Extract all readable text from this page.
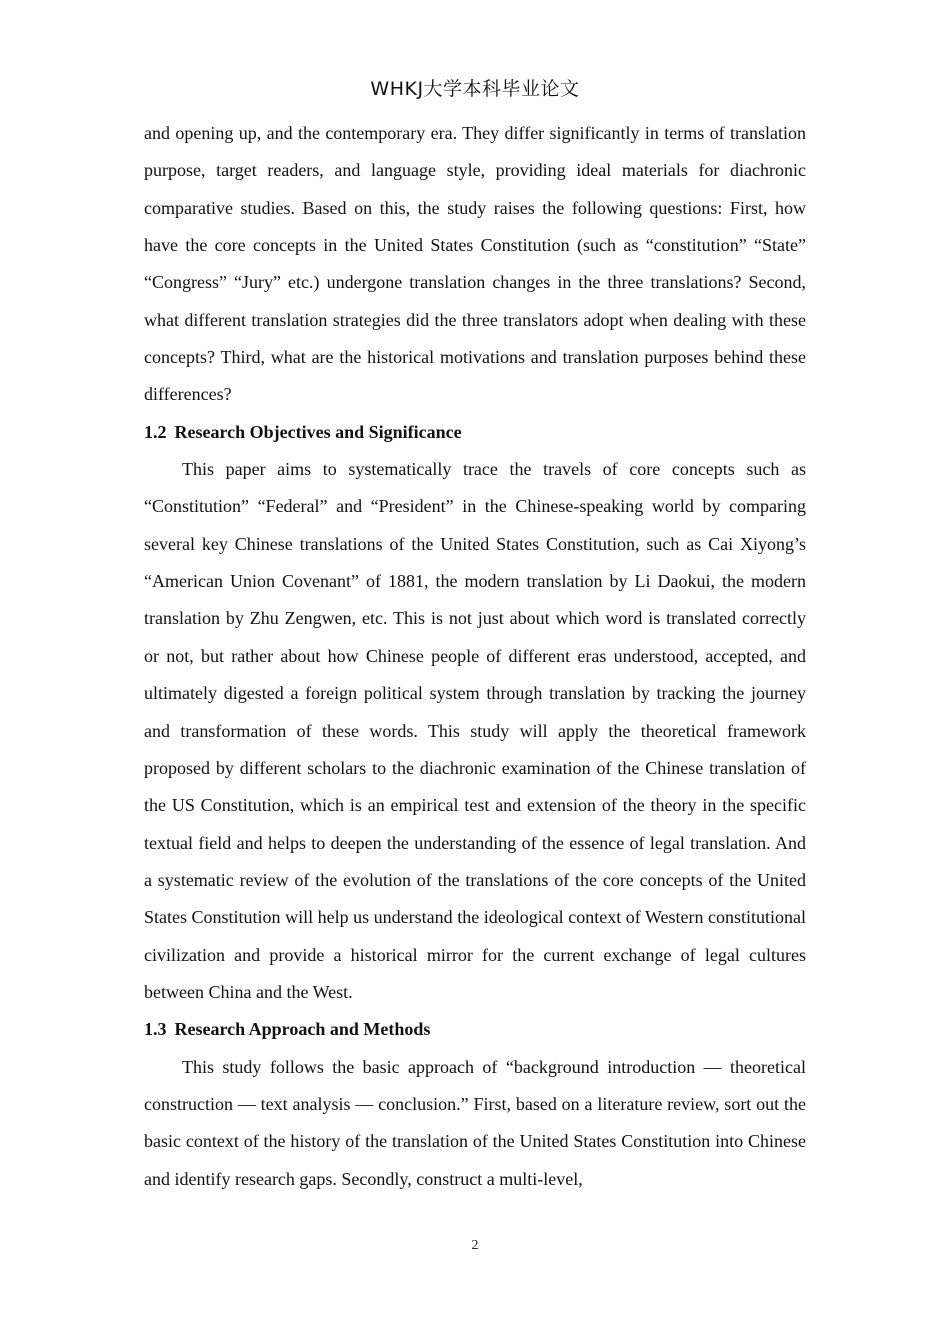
WHKJ大学本科毕业论文

and opening up, and the contemporary era. They differ significantly in terms of translation purpose, target readers, and language style, providing ideal materials for diachronic comparative studies. Based on this, the study raises the following questions: First, how have the core concepts in the United States Constitution (such as “constitution” “State” “Congress” “Jury” etc.) undergone translation changes in the three translations? Second, what different translation strategies did the three translators adopt when dealing with these concepts? Third, what are the historical motivations and translation purposes behind these differences?

1.2 Research Objectives and Significance

This paper aims to systematically trace the travels of core concepts such as “Constitution” “Federal” and “President” in the Chinese-speaking world by comparing several key Chinese translations of the United States Constitution, such as Cai Xiyong’s “American Union Covenant” of 1881, the modern translation by Li Daokui, the modern translation by Zhu Zengwen, etc. This is not just about which word is translated correctly or not, but rather about how Chinese people of different eras understood, accepted, and ultimately digested a foreign political system through translation by tracking the journey and transformation of these words. This study will apply the theoretical framework proposed by different scholars to the diachronic examination of the Chinese translation of the US Constitution, which is an empirical test and extension of the theory in the specific textual field and helps to deepen the understanding of the essence of legal translation. And a systematic review of the evolution of the translations of the core concepts of the United States Constitution will help us understand the ideological context of Western constitutional civilization and provide a historical mirror for the current exchange of legal cultures between China and the West.

1.3 Research Approach and Methods

This study follows the basic approach of “background introduction — theoretical construction — text analysis — conclusion.” First, based on a literature review, sort out the basic context of the history of the translation of the United States Constitution into Chinese and identify research gaps. Secondly, construct a multi-level,

2
